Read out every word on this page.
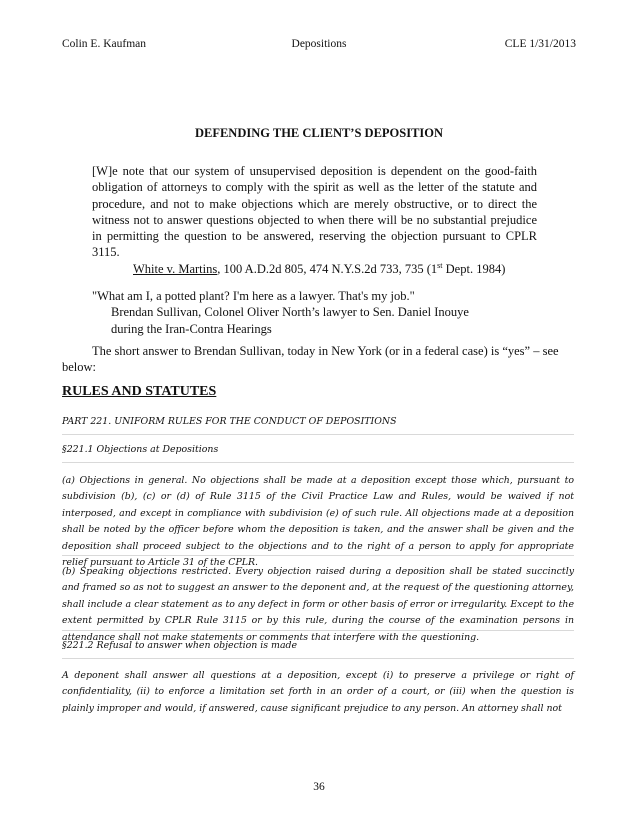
Depositions
Colin E. Kaufman	CLE 1/31/2013
DEFENDING THE CLIENT’S DEPOSITION
[W]e note that our system of unsupervised deposition is dependent on the good-faith obligation of attorneys to comply with the spirit as well as the letter of the statute and procedure, and not to make objections which are merely obstructive, or to direct the witness not to answer questions objected to when there will be no substantial prejudice in permitting the question to be answered, reserving the objection pursuant to CPLR 3115.
White v. Martins, 100 A.D.2d 805, 474 N.Y.S.2d 733, 735 (1st Dept. 1984)
"What am I, a potted plant? I'm here as a lawyer. That's my job."
Brendan Sullivan, Colonel Oliver North’s lawyer to Sen. Daniel Inouye
during the Iran-Contra Hearings
The short answer to Brendan Sullivan, today in New York (or in a federal case) is “yes” – see below:
RULES AND STATUTES
PART 221. UNIFORM RULES FOR THE CONDUCT OF DEPOSITIONS
§221.1 Objections at Depositions
(a) Objections in general. No objections shall be made at a deposition except those which, pursuant to subdivision (b), (c) or (d) of Rule 3115 of the Civil Practice Law and Rules, would be waived if not interposed, and except in compliance with subdivision (e) of such rule. All objections made at a deposition shall be noted by the officer before whom the deposition is taken, and the answer shall be given and the deposition shall proceed subject to the objections and to the right of a person to apply for appropriate relief pursuant to Article 31 of the CPLR.
(b) Speaking objections restricted. Every objection raised during a deposition shall be stated succinctly and framed so as not to suggest an answer to the deponent and, at the request of the questioning attorney, shall include a clear statement as to any defect in form or other basis of error or irregularity. Except to the extent permitted by CPLR Rule 3115 or by this rule, during the course of the examination persons in attendance shall not make statements or comments that interfere with the questioning.
§221.2 Refusal to answer when objection is made
A deponent shall answer all questions at a deposition, except (i) to preserve a privilege or right of confidentiality, (ii) to enforce a limitation set forth in an order of a court, or (iii) when the question is plainly improper and would, if answered, cause significant prejudice to any person. An attorney shall not
36
